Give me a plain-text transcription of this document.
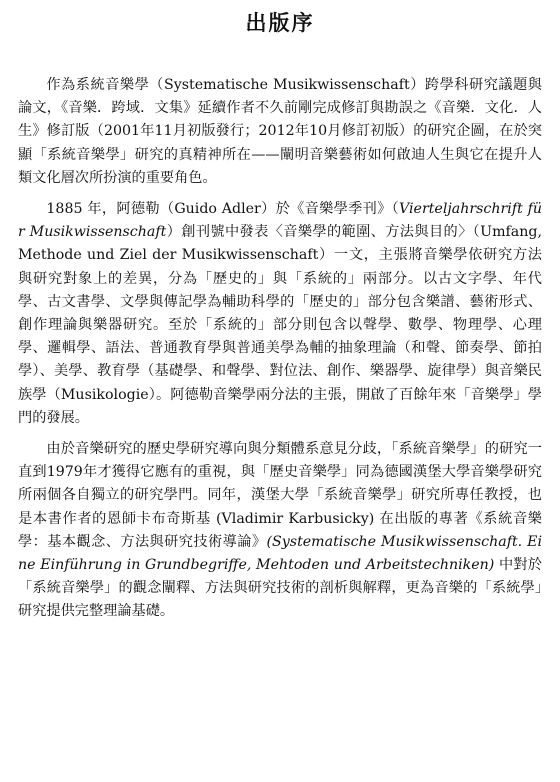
出版序

作為系統音樂學（Systematische Musikwissenschaft）跨學科研究議題與論文，《音樂．跨域．文集》延續作者不久前剛完成修訂與勘誤之《音樂．文化．人生》修訂版（2001年11月初版發行；2012年10月修訂初版）的研究企圖，在於突顯「系統音樂學」研究的真精神所在——闡明音樂藝術如何啟迪人生與它在提升人類文化層次所扮演的重要角色。

1885 年，阿德勒（Guido Adler）於《音樂學季刊》（Vierteljahrschrift für Musikwissenschaft）創刊號中發表〈音樂學的範圍、方法與目的〉（Umfang, Methode und Ziel der Musikwissenschaft）一文，主張將音樂學依研究方法與研究對象上的差異，分為「歷史的」與「系統的」兩部分。以古文字學、年代學、古文書學、文學與傳記學為輔助科學的「歷史的」部分包含樂譜、藝術形式、創作理論與樂器研究。至於「系統的」部分則包含以聲學、數學、物理學、心理學、邏輯學、語法、普通教育學與普通美學為輔的抽象理論（和聲、節奏學、節拍學）、美學、教育學（基礎學、和聲學、對位法、創作、樂器學、旋律學）與音樂民族學（Musikologie）。阿德勒音樂學兩分法的主張，開啟了百餘年來「音樂學」學門的發展。

由於音樂研究的歷史學研究導向與分類體系意見分歧，「系統音樂學」的研究一直到1979年才獲得它應有的重視，與「歷史音樂學」同為德國漢堡大學音樂學研究所兩個各自獨立的研究學門。同年，漢堡大學「系統音樂學」研究所專任教授，也是本書作者的恩師卡布奇斯基 (Vladimir Karbusicky) 在出版的專著《系統音樂學：基本觀念、方法與研究技術導論》(Systematische Musikwissenschaft. Eine Einführung in Grundbegriffe, Mehtoden und Arbeitstechniken) 中對於「系統音樂學」的觀念闡釋、方法與研究技術的剖析與解釋，更為音樂的「系統學」研究提供完整理論基礎。
